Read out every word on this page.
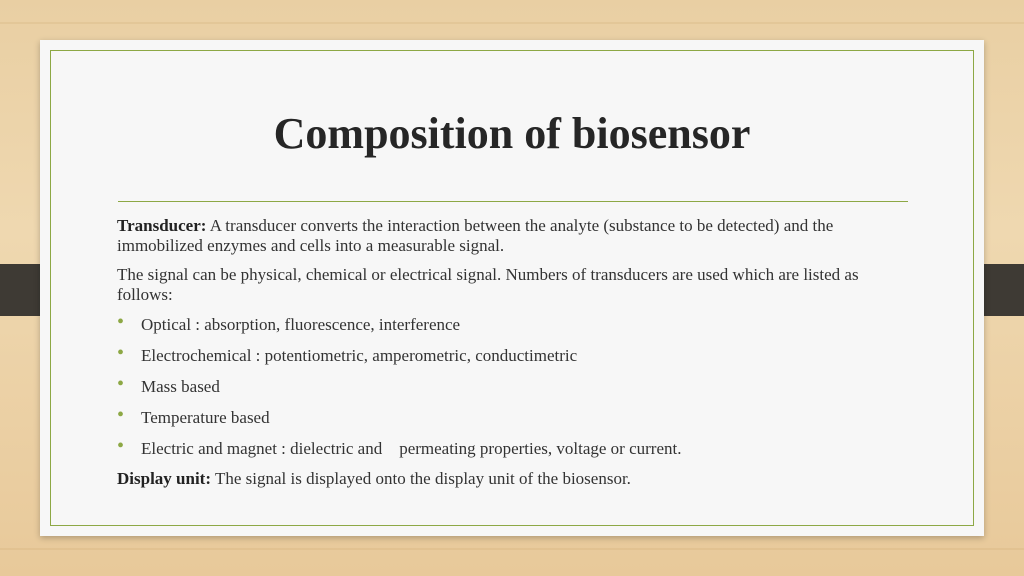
Composition of biosensor

Transducer: A transducer converts the interaction between the analyte (substance to be detected) and the immobilized enzymes and cells into a measurable signal.

The signal can be physical, chemical or electrical signal. Numbers of transducers are used which are listed as follows:

• Optical : absorption, fluorescence, interference
• Electrochemical : potentiometric, amperometric, conductimetric
• Mass based
• Temperature based
• Electric and magnet : dielectric and    permeating properties, voltage or current.

Display unit: The signal is displayed onto the display unit of the biosensor.
